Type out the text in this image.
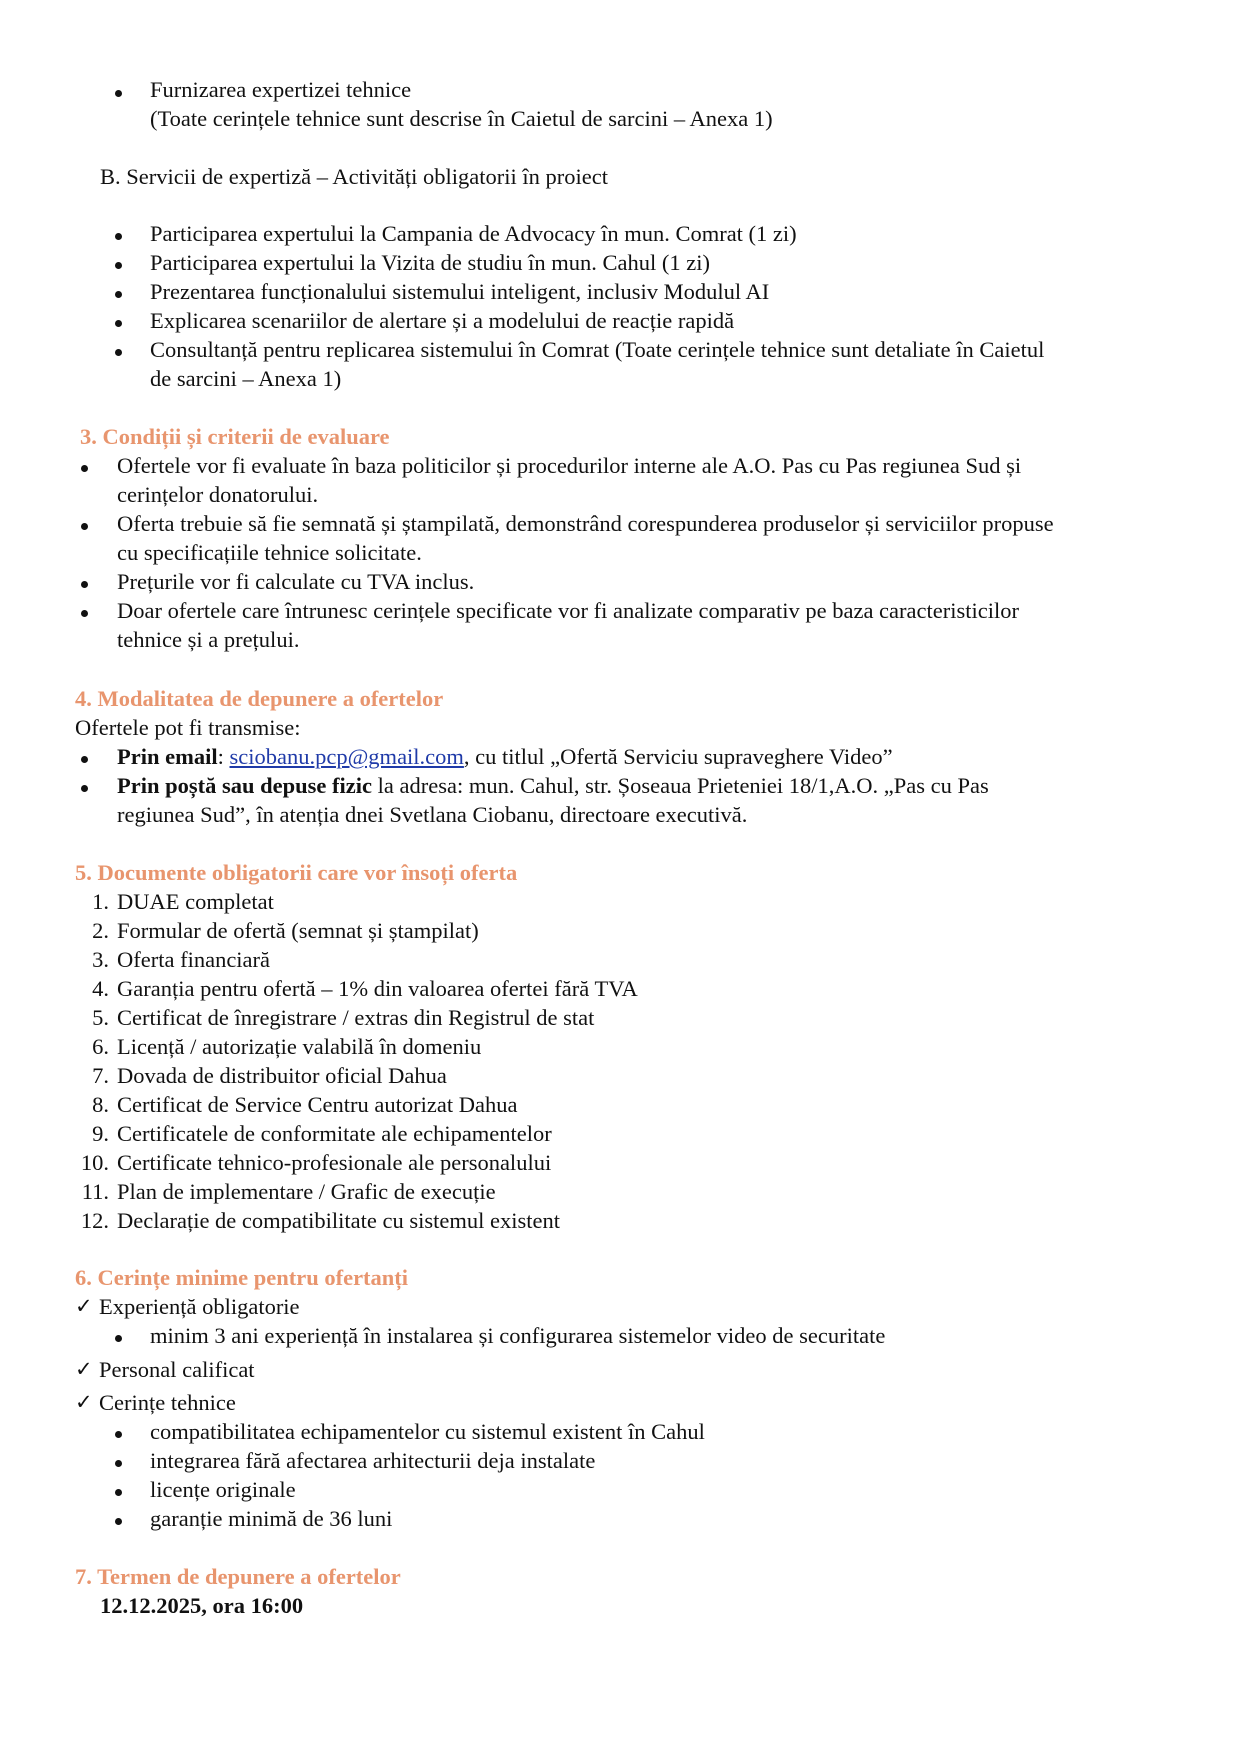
Furnizarea expertizei tehnice
(Toate cerințele tehnice sunt descrise în Caietul de sarcini – Anexa 1)
B. Servicii de expertiză – Activități obligatorii în proiect
Participarea expertului la Campania de Advocacy în mun. Comrat (1 zi)
Participarea expertului la Vizita de studiu în mun. Cahul (1 zi)
Prezentarea funcționalului sistemului inteligent, inclusiv Modulul AI
Explicarea scenariilor de alertare și a modelului de reacție rapidă
Consultanță pentru replicarea sistemului în Comrat (Toate cerințele tehnice sunt detaliate în Caietul
de sarcini – Anexa 1)
3. Condiții și criterii de evaluare
Ofertele vor fi evaluate în baza politicilor și procedurilor interne ale A.O. Pas cu Pas regiunea Sud și
cerințelor donatorului.
Oferta trebuie să fie semnată și ștampilată, demonstrând corespunderea produselor și serviciilor propuse
cu specificațiile tehnice solicitate.
Prețurile vor fi calculate cu TVA inclus.
Doar ofertele care întrunesc cerințele specificate vor fi analizate comparativ pe baza caracteristicilor
tehnice și a prețului.
4. Modalitatea de depunere a ofertelor
Ofertele pot fi transmise:
Prin email: sciobanu.pcp@gmail.com, cu titlul „Ofertă Serviciu supraveghere Video”
Prin poștă sau depuse fizic la adresa: mun. Cahul, str. Șoseaua Prieteniei 18/1,A.O. „Pas cu Pas
regiunea Sud”, în atenția dnei Svetlana Ciobanu, directoare executivă.
5. Documente obligatorii care vor însoți oferta
1. DUAE completat
2. Formular de ofertă (semnat și ștampilat)
3. Oferta financiară
4. Garanția pentru ofertă – 1% din valoarea ofertei fără TVA
5. Certificat de înregistrare / extras din Registrul de stat
6. Licență / autorizație valabilă în domeniu
7. Dovada de distribuitor oficial Dahua
8. Certificat de Service Centru autorizat Dahua
9. Certificatele de conformitate ale echipamentelor
10. Certificate tehnico-profesionale ale personalului
11. Plan de implementare / Grafic de execuție
12. Declarație de compatibilitate cu sistemul existent
6. Cerințe minime pentru ofertanți
✓ Experiență obligatorie
minim 3 ani experiență în instalarea și configurarea sistemelor video de securitate
✓ Personal calificat
✓ Cerințe tehnice
compatibilitatea echipamentelor cu sistemul existent în Cahul
integrarea fără afectarea arhitecturii deja instalate
licențe originale
garanție minimă de 36 luni
7. Termen de depunere a ofertelor
12.12.2025, ora 16:00
